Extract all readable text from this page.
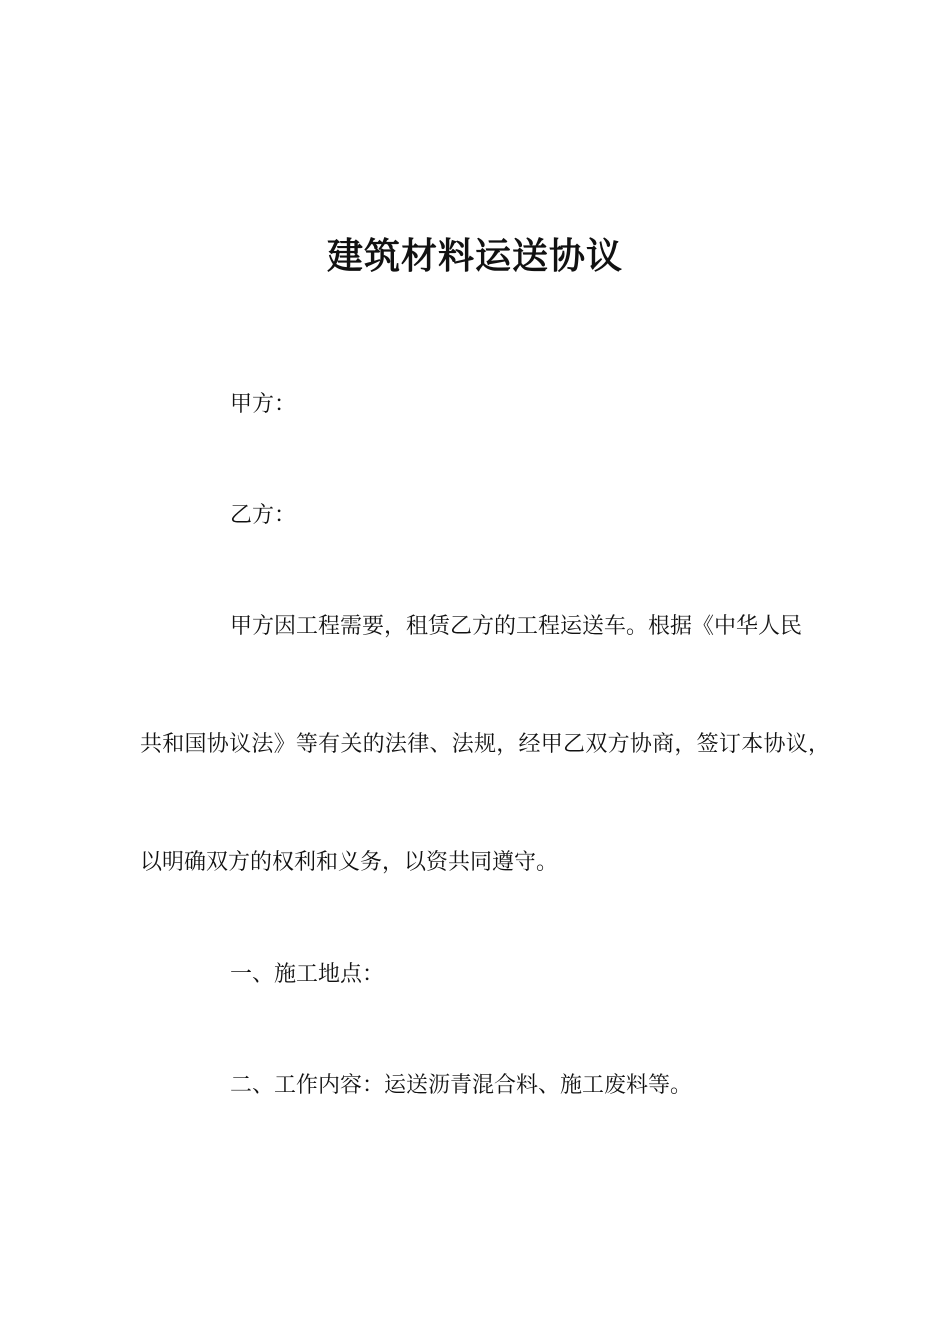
建筑材料运送协议

甲方：

乙方：

甲方因工程需要，租赁乙方的工程运送车。根据《中华人民

共和国协议法》等有关的法律、法规，经甲乙双方协商，签订本协议，

以明确双方的权利和义务，以资共同遵守。

一、施工地点：

二、工作内容：运送沥青混合料、施工废料等。
